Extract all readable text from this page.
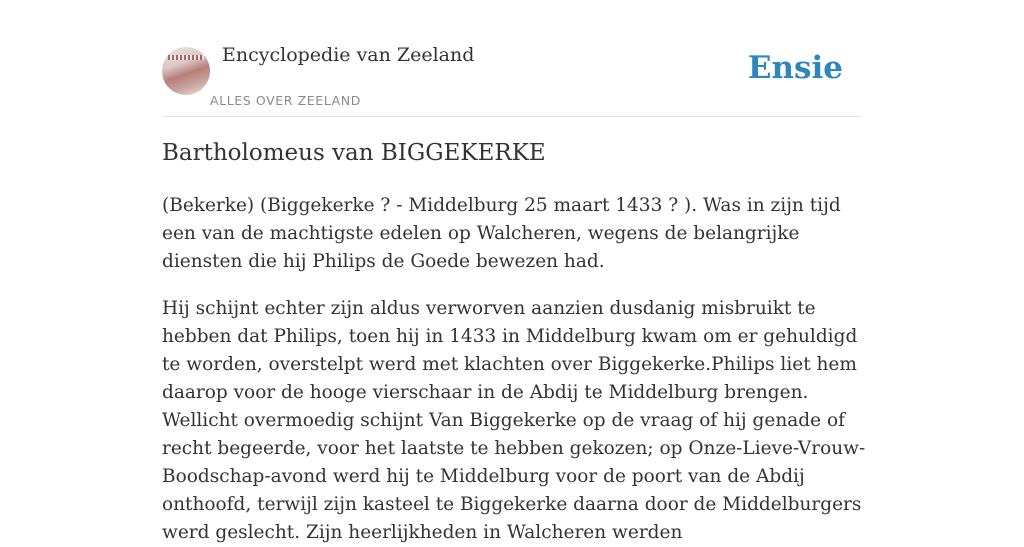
Encyclopedie van Zeeland
ALLES OVER ZEELAND
Ensie
Bartholomeus van BIGGEKERKE

(Bekerke) (Biggekerke ? - Middelburg 25 maart 1433 ? ). Was in zijn tijd een van de machtigste edelen op Walcheren, wegens de belangrijke diensten die hij Philips de Goede bewezen had.

Hij schijnt echter zijn aldus verworven aanzien dusdanig misbruikt te hebben dat Philips, toen hij in 1433 in Middelburg kwam om er gehuldigd te worden, overstelpt werd met klachten over Biggekerke.Philips liet hem daarop voor de hooge vierschaar in de Abdij te Middelburg brengen. Wellicht overmoedig schijnt Van Biggekerke op de vraag of hij genade of recht begeerde, voor het laatste te hebben gekozen; op Onze-Lieve-Vrouw-Boodschap-avond werd hij te Middelburg voor de poort van de Abdij onthoofd, terwijl zijn kasteel te Biggekerke daarna door de Middelburgers werd geslecht. Zijn heerlijkheden in Walcheren werden
